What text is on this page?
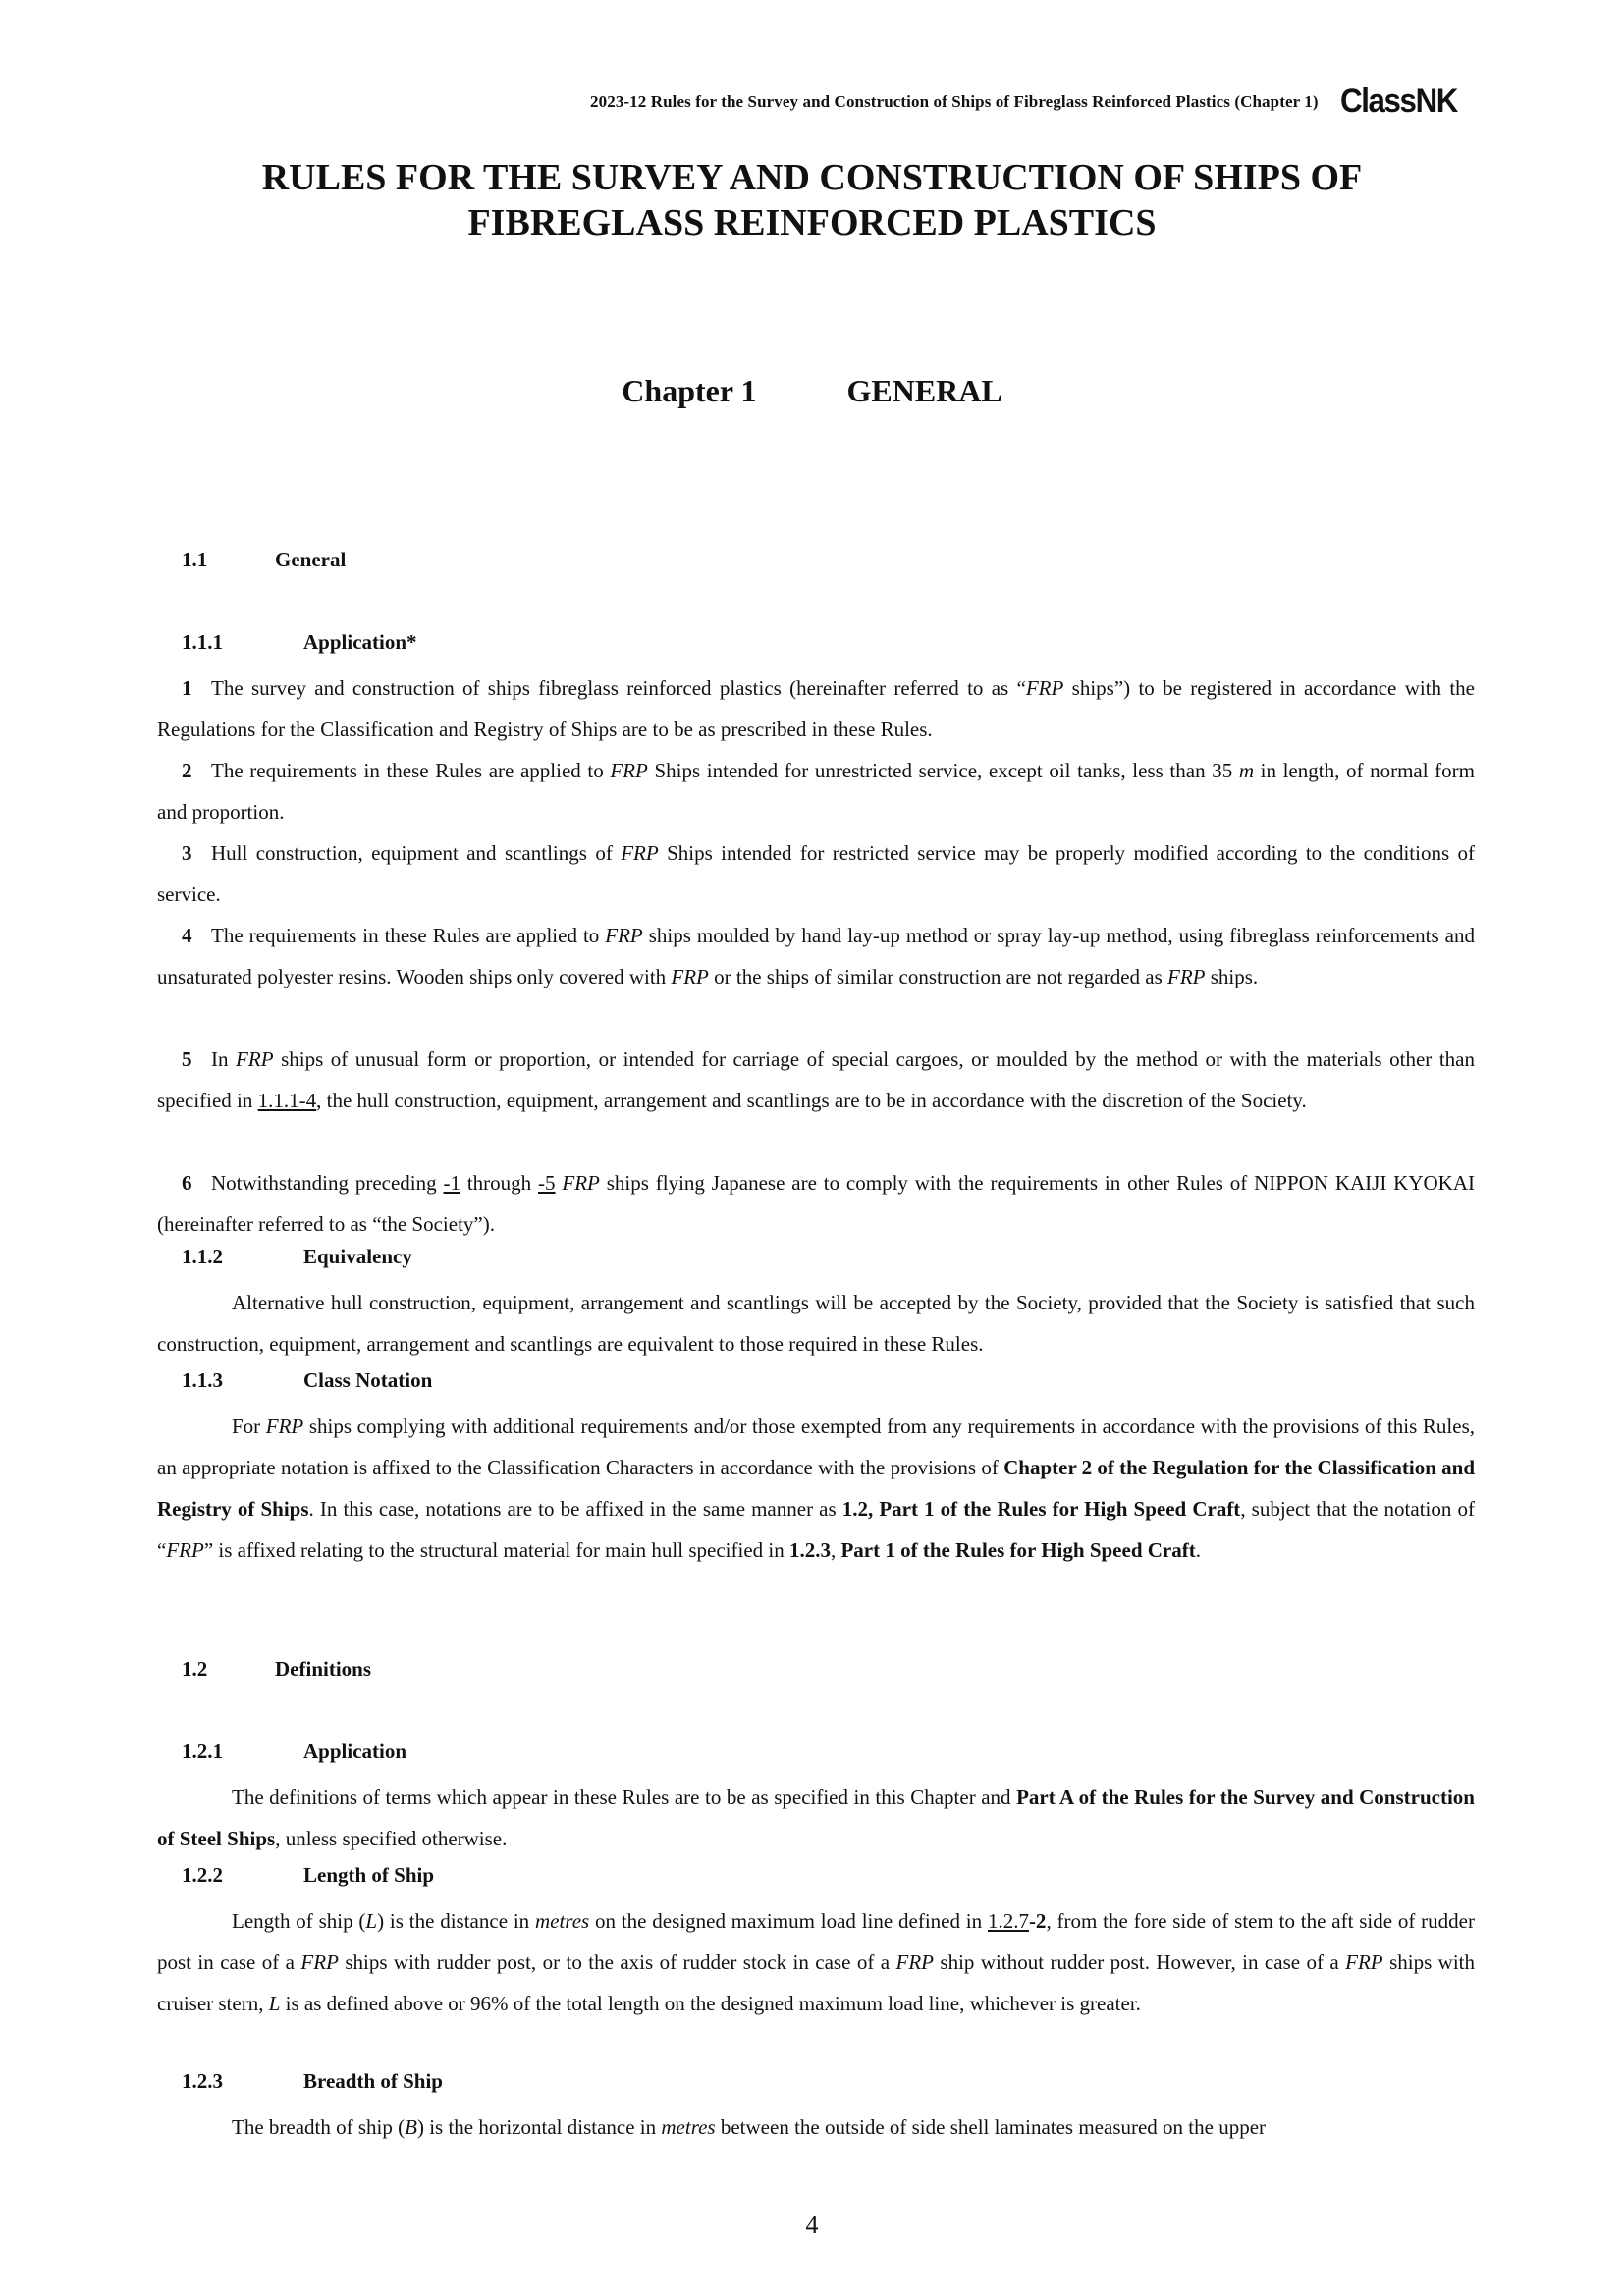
2023-12 Rules for the Survey and Construction of Ships of Fibreglass Reinforced Plastics (Chapter 1) ClassNK
RULES FOR THE SURVEY AND CONSTRUCTION OF SHIPS OF
FIBREGLASS REINFORCED PLASTICS
Chapter 1	GENERAL
1.1	General
1.1.1	Application*
1 The survey and construction of ships fibreglass reinforced plastics (hereinafter referred to as “FRP ships”) to be registered in accordance with the Regulations for the Classification and Registry of Ships are to be as prescribed in these Rules.
2 The requirements in these Rules are applied to FRP Ships intended for unrestricted service, except oil tanks, less than 35 m in length, of normal form and proportion.
3 Hull construction, equipment and scantlings of FRP Ships intended for restricted service may be properly modified according to the conditions of service.
4 The requirements in these Rules are applied to FRP ships moulded by hand lay-up method or spray lay-up method, using fibreglass reinforcements and unsaturated polyester resins. Wooden ships only covered with FRP or the ships of similar construction are not regarded as FRP ships.
5 In FRP ships of unusual form or proportion, or intended for carriage of special cargoes, or moulded by the method or with the materials other than specified in 1.1.1-4, the hull construction, equipment, arrangement and scantlings are to be in accordance with the discretion of the Society.
6 Notwithstanding preceding -1 through -5 FRP ships flying Japanese are to comply with the requirements in other Rules of NIPPON KAIJI KYOKAI (hereinafter referred to as “the Society”).
1.1.2	Equivalency
Alternative hull construction, equipment, arrangement and scantlings will be accepted by the Society, provided that the Society is satisfied that such construction, equipment, arrangement and scantlings are equivalent to those required in these Rules.
1.1.3	Class Notation
For FRP ships complying with additional requirements and/or those exempted from any requirements in accordance with the provisions of this Rules, an appropriate notation is affixed to the Classification Characters in accordance with the provisions of Chapter 2 of the Regulation for the Classification and Registry of Ships. In this case, notations are to be affixed in the same manner as 1.2, Part 1 of the Rules for High Speed Craft, subject that the notation of “FRP” is affixed relating to the structural material for main hull specified in 1.2.3, Part 1 of the Rules for High Speed Craft.
1.2	Definitions
1.2.1	Application
The definitions of terms which appear in these Rules are to be as specified in this Chapter and Part A of the Rules for the Survey and Construction of Steel Ships, unless specified otherwise.
1.2.2	Length of Ship
Length of ship (L) is the distance in metres on the designed maximum load line defined in 1.2.7-2, from the fore side of stem to the aft side of rudder post in case of a FRP ships with rudder post, or to the axis of rudder stock in case of a FRP ship without rudder post. However, in case of a FRP ships with cruiser stern, L is as defined above or 96% of the total length on the designed maximum load line, whichever is greater.
1.2.3	Breadth of Ship
The breadth of ship (B) is the horizontal distance in metres between the outside of side shell laminates measured on the upper
4
